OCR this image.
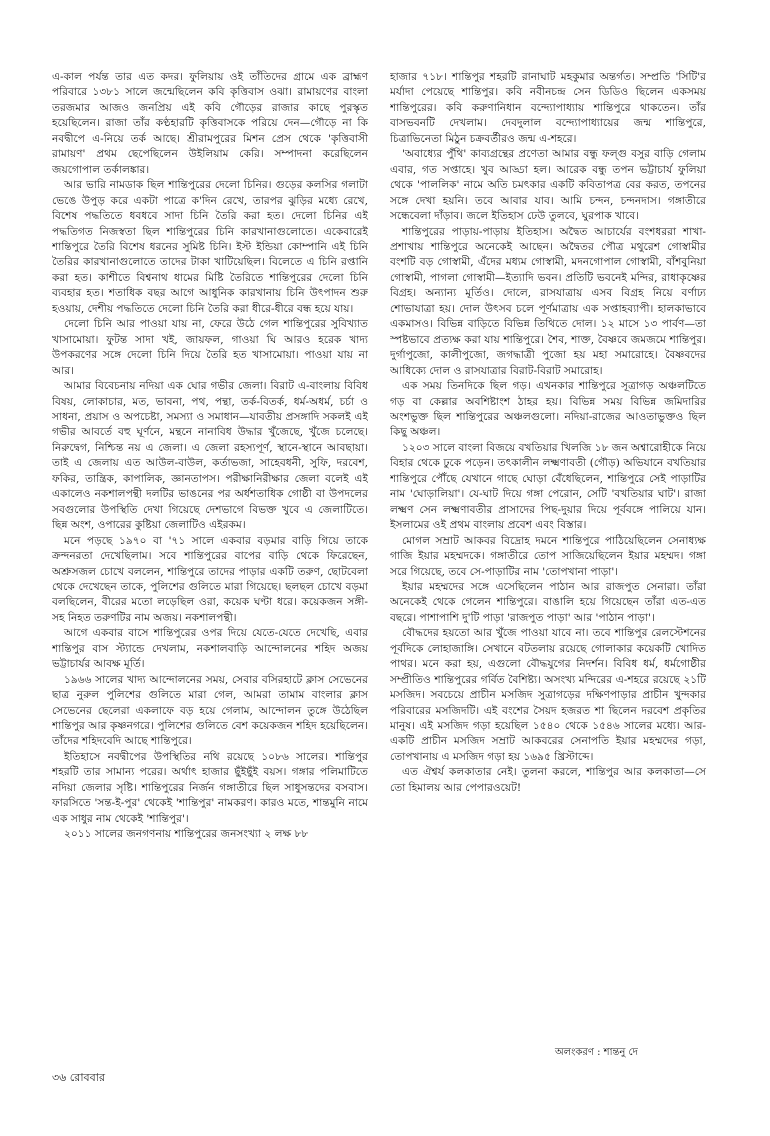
এ-কাল পর্যন্ত তার এত কদর। ফুলিয়ায় ওই তাঁতিদের গ্রামে এক ব্রাহ্মণ পরিবারে ১৩৮১ সালে জন্মেছিলেন কবি কৃত্তিবাস ওঝা। রামায়ণের বাংলা তরজমার আজও জনপ্রিয় এই কবি গৌড়ের রাজার কাছে পুরস্কৃত হয়েছিলেন। রাজা তাঁর কণ্ঠহারটি কৃত্তিবাসকে পরিয়ে দেন—গৌড়ে না কি নবদ্বীপে এ-নিয়ে তর্ক আছে। শ্রীরামপুরের মিশন প্রেস থেকে 'কৃত্তিবাসী রামায়ণ' প্রথম ছেপেছিলেন উইলিয়াম কেরি। সম্পাদনা করেছিলেন জয়গোপাল তর্কালঙ্কার।

আর ভারি নামডাক ছিল শান্তিপুরের দেলো চিনির। গুড়ের কলসির গলাটা ভেঙে উপুড় করে একটা পাত্রে ক'দিন রেখে, তারপর ঝুড়ির মধ্যে রেখে, বিশেষ পদ্ধতিতে ধবধবে সাদা চিনি তৈরি করা হত। দেলো চিনির এই পদ্ধতিগত নিজস্বতা ছিল শান্তিপুরের চিনি কারখানাগুলোতে। একেবারেই শান্তিপুরে তৈরি বিশেষ ধরনের সুমিষ্ট চিনি। ইস্ট ইন্ডিয়া কোম্পানি এই চিনি তৈরির কারখানাগুলোতে তাদের টাকা খাটিয়েছিল। বিলেতে এ চিনি রপ্তানি করা হত। কাশীতে বিশ্বনাথ ধামের মিষ্টি তৈরিতে শান্তিপুরের দেলো চিনি ব্যবহার হত। শতাধিক বছর আগে আধুনিক কারখানায় চিনি উৎপাদন শুরু হওয়ায়, দেশীয় পদ্ধতিতে দেলো চিনি তৈরি করা ধীরে-ধীরে বন্ধ হয়ে যায়।

দেলো চিনি আর পাওয়া যায় না, ফেরে উঠে গেল শান্তিপুরের সুবিখ্যাত খাসামোয়া। ফুটন্ত সাদা খই, জায়ফল, গাওয়া ঘি আরও হরেক খাদ্য উপকরণের সঙ্গে দেলো চিনি দিয়ে তৈরি হত খাসামোয়া। পাওয়া যায় না আর।

আমার বিবেচনায় নদিয়া এক ঘোর গভীর জেলা। বিরাট এ-বাংলায় বিবিধ বিষয়, লোকাচার, মত, ভাবনা, পথ, পন্থা, তর্ক-বিতর্ক, ধর্ম-অধর্ম, চর্চা ও সাধনা, প্রয়াস ও অপচেষ্টা, সমস্যা ও সমাধান—যাবতীয় প্রসঙ্গাদি সকলই এই গভীর আবর্তে বহু ঘূর্ণনে, মন্থনে নানাবিধ উদ্ধার খুঁজেছে, খুঁজে চলেছে। নিরুদ্বেগ, নিশ্চিন্ত নয় এ জেলা। এ জেলা রহস্যপূর্ণ, স্থানে-স্থানে আবছায়া। তাই এ জেলায় এত আউল-বাউল, কর্তাভজা, সাহেবধনী, সুফি, দরবেশ, ফকির, তান্ত্রিক, কাপালিক, জ্ঞানতাপস। পরীক্ষানিরীক্ষার জেলা বলেই এই একালেও নকশালপন্থী দলটির ভাঙনের পর অর্ধশতাধিক গোষ্ঠী বা উপদলের সবগুলোর উপস্থিতি দেখা গিয়েছে দেশভাগে বিভক্ত খুবে এ জেলাটিতে। ছিন্ন অংশ, ওপারের কুষ্টিয়া জেলাটিও এইরকম।

মনে পড়ছে ১৯৭০ বা '৭১ সালে একবার বড়মার বাড়ি গিয়ে তাকে ক্রন্দনরতা দেখেছিলাম। সবে শান্তিপুরের বাপের বাড়ি থেকে ফিরেছেন, অশ্রুসজল চোখে বললেন, শান্তিপুরে তাদের পাড়ার একটি তরুণ, ছোটবেলা থেকে দেখেছেন তাকে, পুলিশের গুলিতে মারা গিয়েছে। ছলছল চোখে বড়মা বলছিলেন, বীরের মতো লড়েছিল ওরা, কয়েক ঘণ্টা ধরে। কয়েকজন সঙ্গী-সহ নিহত তরুণটির নাম অজয়। নকশালপন্থী।

আগে একবার বাসে শান্তিপুরের ওপর দিয়ে যেতে-যেতে দেখেছি, এবার শান্তিপুর বাস স্ট্যান্ডে দেখলাম, নকশালবাড়ি আন্দোলনের শহিদ অজয় ভট্টাচার্যর আবক্ষ মূর্তি।

১৯৬৬ সালের খাদ্য আন্দোলনের সময়, সেবার বসিরহাটে ক্লাস সেভেনের ছাত্র নুরুল পুলিশের গুলিতে মারা গেল, আমরা তামাম বাংলার ক্লাস সেভেনের ছেলেরা একলাফে বড় হয়ে গেলাম, আন্দোলন তুঙ্গে উঠেছিল শান্তিপুর আর কৃষ্ণনগরে। পুলিশের গুলিতে বেশ কয়েকজন শহিদ হয়েছিলেন। তাঁদের শহিদবেদি আছে শান্তিপুরে।

ইতিহাসে নবদ্বীপের উপস্থিতির নথি রয়েছে ১০৮৬ সালের। শান্তিপুর শহরটি তার সামান্য পরের। অর্থাৎ হাজার ছুঁইছুঁই বয়স। গঙ্গার পলিমাটিতে নদিয়া জেলার সৃষ্টি। শান্তিপুরের নির্জন গঙ্গাতীরে ছিল সাধুসন্তদের বসবাস। ফারসিতে 'সন্ত-ই-পুর' থেকেই 'শান্তিপুর' নামকরণ। কারও মতে, শান্তমুনি নামে এক সাধুর নাম থেকেই 'শান্তিপুর'।

২০১১ সালের জনগণনায় শান্তিপুরের জনসংখ্যা ২ লক্ষ ৮৮

হাজার ৭১৮। শান্তিপুর শহরটি রানাঘাট মহকুমার অন্তর্গত। সম্প্রতি 'সিটি'র মর্যাদা পেয়েছে শান্তিপুর। কবি নবীনচন্দ্র সেন ডিডিও ছিলেন একসময় শান্তিপুরের। কবি করুণানিধান বন্দ্যোপাধ্যায় শান্তিপুরে থাকতেন। তাঁর বাসভবনটি দেখলাম। দেবদুলাল বন্দ্যোপাধ্যায়ের জন্ম শান্তিপুরে, চিত্রাভিনেতা মিঠুন চক্রবর্তীরও জন্ম এ-শহরে।

'অবাধ্যের পুঁথি' কাব্যগ্রন্থের প্রণেতা আমার বন্ধু ফল্গু বসুর বাড়ি গেলাম এবার, গত সপ্তাহে। খুব আড্ডা হল। আরেক বন্ধু তপন ভট্টাচার্য ফুলিয়া থেকে 'পাললিক' নামে অতি চমৎকার একটি কবিতাপত্র বের করত, তপনের সঙ্গে দেখা হয়নি। তবে আবার যাব। আমি চন্দন, চন্দনদাস। গঙ্গাতীরে সন্ধেবেলা দাঁড়াব। জলে ইতিহাস ঢেউ তুলবে, ঘুরপাক খাবে।

শান্তিপুরের পাড়ায়-পাড়ায় ইতিহাস। অদ্বৈত আচার্যের বংশধররা শাখা-প্রশাখায় শান্তিপুরে অনেকেই আছেন। অদ্বৈতর পৌত্র মথুরেশ গোস্বামীর বংশটি বড় গোস্বামী, এঁদের মধ্যম গোস্বামী, মদনগোপাল গোস্বামী, বাঁশবুনিয়া গোস্বামী, পাগলা গোস্বামী—ইত্যাদি ভবন। প্রতিটি ভবনেই মন্দির, রাধাকৃষ্ণের বিগ্রহ। অন্যান্য মূর্তিও। দোলে, রাসযাত্রায় এসব বিগ্রহ নিয়ে বর্ণাঢ্য শোভাযাত্রা হয়। দোল উৎসব চলে পূর্ণমাত্রায় এক সপ্তাহব্যাপী। হালকাভাবে একমাসও। বিভিন্ন বাড়িতে বিভিন্ন তিথিতে দোল। ১২ মাসে ১৩ পার্বণ—তা স্পষ্টভাবে প্রত্যক্ষ করা যায় শান্তিপুরে। শৈব, শাক্ত, বৈষ্ণবে জমজমে শান্তিপুর। দুর্গাপুজো, কালীপুজো, জগদ্ধাত্রী পুজো হয় মহা সমারোহে। বৈষ্ণবদের আধিক্যে দোল ও রাসযাত্রার বিরাট-বিরাট সমারোহ।

এক সময় তিনদিকে ছিল গড়। এখনকার শান্তিপুরে সূত্রাগড় অঞ্চলটিতে গড় বা কেল্লার অবশিষ্টাংশ ঠাহর হয়। বিভিন্ন সময় বিভিন্ন জমিদারির অংশভুক্ত ছিল শান্তিপুরের অঞ্চলগুলো। নদিয়া-রাজের আওতাভুক্তও ছিল কিছু অঞ্চল।

১২০৩ সালে বাংলা বিজয়ে বখতিয়ার খিলজি ১৮ জন অশ্বারোহীকে নিয়ে বিহার থেকে ঢুকে পড়েন। তৎকালীন লক্ষ্মণাবতী (গৌড়) অভিযানে বখতিয়ার শান্তিপুরে পৌঁছে যেখানে গাছে ঘোড়া বেঁধেছিলেন, শান্তিপুরে সেই পাড়াটির নাম 'ঘোড়ালিয়া'। যে-ঘাট দিয়ে গঙ্গা পেরোন, সেটি 'বখতিয়ার ঘাট'। রাজা লক্ষ্মণ সেন লক্ষ্মণাবতীর প্রাসাদের পিছ-দুয়ার দিয়ে পূর্ববঙ্গে পালিয়ে যান। ইসলামের ওই প্রথম বাংলায় প্রবেশ এবং বিস্তার।

মোগল সম্রাট আকবর বিদ্রোহ দমনে শান্তিপুরে পাঠিয়েছিলেন সেনাধ্যক্ষ গাজি ইয়ার মহম্মদকে। গঙ্গাতীরে তোপ সাজিয়েছিলেন ইয়ার মহম্মদ। গঙ্গা সরে গিয়েছে, তবে সে-পাড়াটির নাম 'তোপখানা পাড়া'।

ইয়ার মহম্মদের সঙ্গে এসেছিলেন পাঠান আর রাজপুত সেনারা। তাঁরা অনেকেই থেকে গেলেন শান্তিপুরে। বাঙালি হয়ে গিয়েছেন তাঁরা এত-এত বছরে। পাশাপাশি দু'টি পাড়া 'রাজপুত পাড়া' আর 'পাঠান পাড়া'।

বৌদ্ধদের হয়তো আর খুঁজে পাওয়া যাবে না। তবে শান্তিপুর রেলস্টেশনের পূর্বদিকে লোহাজাঙ্গি। সেখানে বটতলায় রয়েছে গোলাকার কয়েকটি খোদিত পাথর। মনে করা হয়, এগুলো বৌদ্ধযুগের নিদর্শন। বিবিধ ধর্ম, ধর্মগোষ্ঠীর সম্প্রীতিও শান্তিপুরের গর্বিত বৈশিষ্ট্য। অসংখ্য মন্দিরের এ-শহরে রয়েছে ২১টি মসজিদ। সবচেয়ে প্রাচীন মসজিদ সুত্রাগড়ের দক্ষিণপাড়ার প্রাচীন খুন্দকার পরিবারের মসজিদটি। এই বংশের সৈয়দ হজরত শা ছিলেন দরবেশ প্রকৃতির মানুষ। এই মসজিদ গড়া হয়েছিল ১৫৪০ থেকে ১৫৪৬ সালের মধ্যে। আর-একটি প্রাচীন মসজিদ সম্রাট আকবরের সেনাপতি ইয়ার মহম্মদের গড়া, তোপখানায় এ মসজিদ গড়া হয় ১৬৯৫ খ্রিস্টাব্দে।

এত ঐশ্বর্য কলকাতার নেই। তুলনা করলে, শান্তিপুর আর কলকাতা—সে তো হিমালয় আর পেপারওয়েট!

অলংকরণ : শান্তনু দে
৩৬ রোববার
